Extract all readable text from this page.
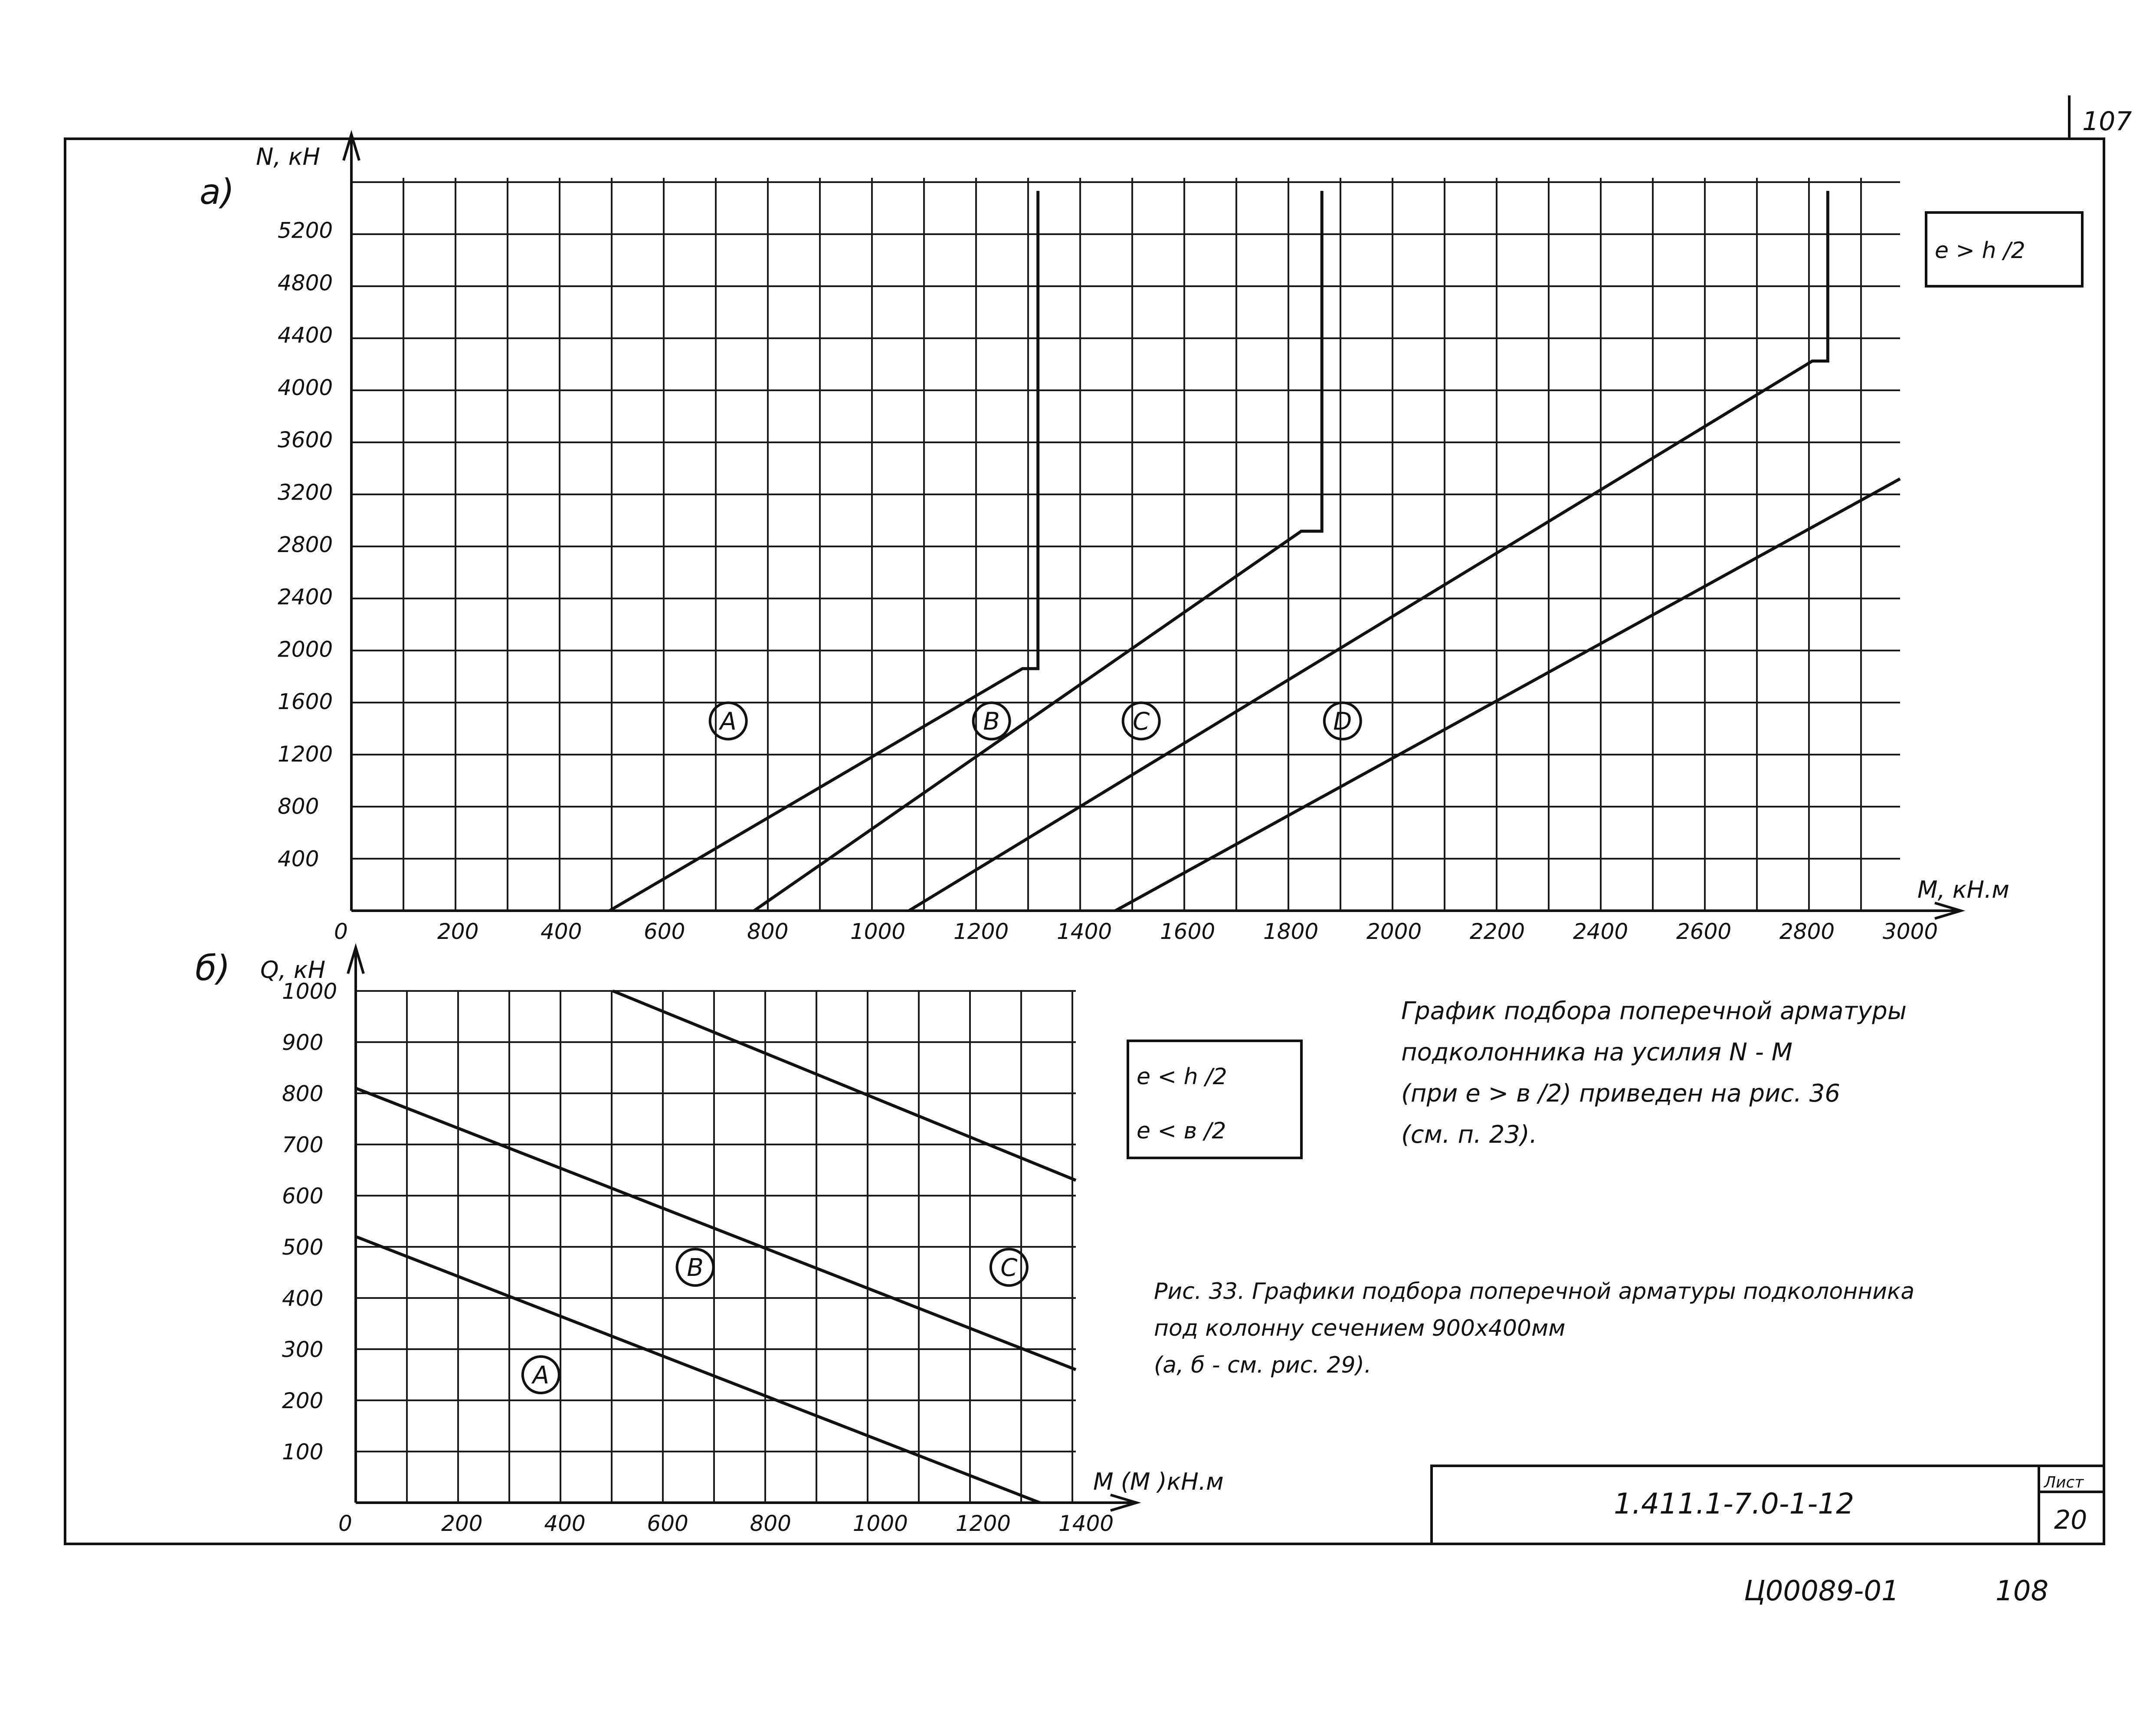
107
а)
б)
0	200	400	600	800	1000 1200 1400 1600 1800 2000 2200 2400 2600 2800 3000
400
800
1200
1600
2000
2400
2800
3200
3600
4000
4400
4800
5200
N, кН
M, кН.м
А	В	С	D
0	200	400	600	800	1000 1200 1400
100
200
300
400
500
600
700
800
900
1000
Q, кН
M (M )кН.м
А
В	С
e > h /2
e < h /2
e < в /2
График подбора поперечной арматуры
подколонника на усилия N - M
(при e > в /2) приведен на рис. 36
(см. п. 23).
Рис. 33. Графики подбора поперечной арматуры подколонника
под колонну сечением 900х400мм
(а, б - см. рис. 29).
1.411.1-7.0-1-12
Лист
20
Ц00089-01	108
